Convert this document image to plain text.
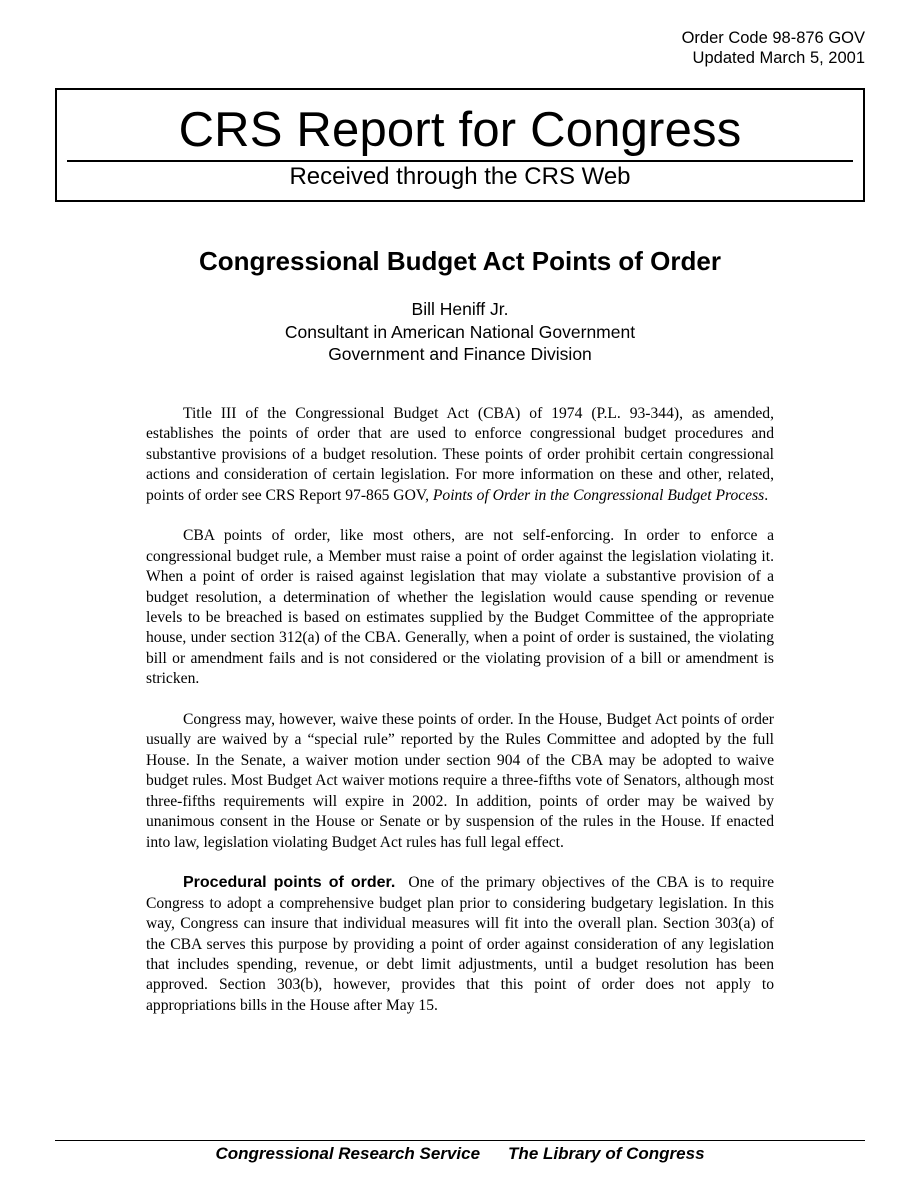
Order Code 98-876 GOV
Updated March 5, 2001
CRS Report for Congress
Received through the CRS Web
Congressional Budget Act Points of Order
Bill Heniff Jr.
Consultant in American National Government
Government and Finance Division

Title III of the Congressional Budget Act (CBA) of 1974 (P.L. 93-344), as amended, establishes the points of order that are used to enforce congressional budget procedures and substantive provisions of a budget resolution. These points of order prohibit certain congressional actions and consideration of certain legislation. For more information on these and other, related, points of order see CRS Report 97-865 GOV, Points of Order in the Congressional Budget Process.

CBA points of order, like most others, are not self-enforcing. In order to enforce a congressional budget rule, a Member must raise a point of order against the legislation violating it. When a point of order is raised against legislation that may violate a substantive provision of a budget resolution, a determination of whether the legislation would cause spending or revenue levels to be breached is based on estimates supplied by the Budget Committee of the appropriate house, under section 312(a) of the CBA. Generally, when a point of order is sustained, the violating bill or amendment fails and is not considered or the violating provision of a bill or amendment is stricken.

Congress may, however, waive these points of order. In the House, Budget Act points of order usually are waived by a “special rule” reported by the Rules Committee and adopted by the full House. In the Senate, a waiver motion under section 904 of the CBA may be adopted to waive budget rules. Most Budget Act waiver motions require a three-fifths vote of Senators, although most three-fifths requirements will expire in 2002. In addition, points of order may be waived by unanimous consent in the House or Senate or by suspension of the rules in the House. If enacted into law, legislation violating Budget Act rules has full legal effect.

Procedural points of order. One of the primary objectives of the CBA is to require Congress to adopt a comprehensive budget plan prior to considering budgetary legislation. In this way, Congress can insure that individual measures will fit into the overall plan. Section 303(a) of the CBA serves this purpose by providing a point of order against consideration of any legislation that includes spending, revenue, or debt limit adjustments, until a budget resolution has been approved. Section 303(b), however, provides that this point of order does not apply to appropriations bills in the House after May 15.

Congressional Research Service The Library of Congress
